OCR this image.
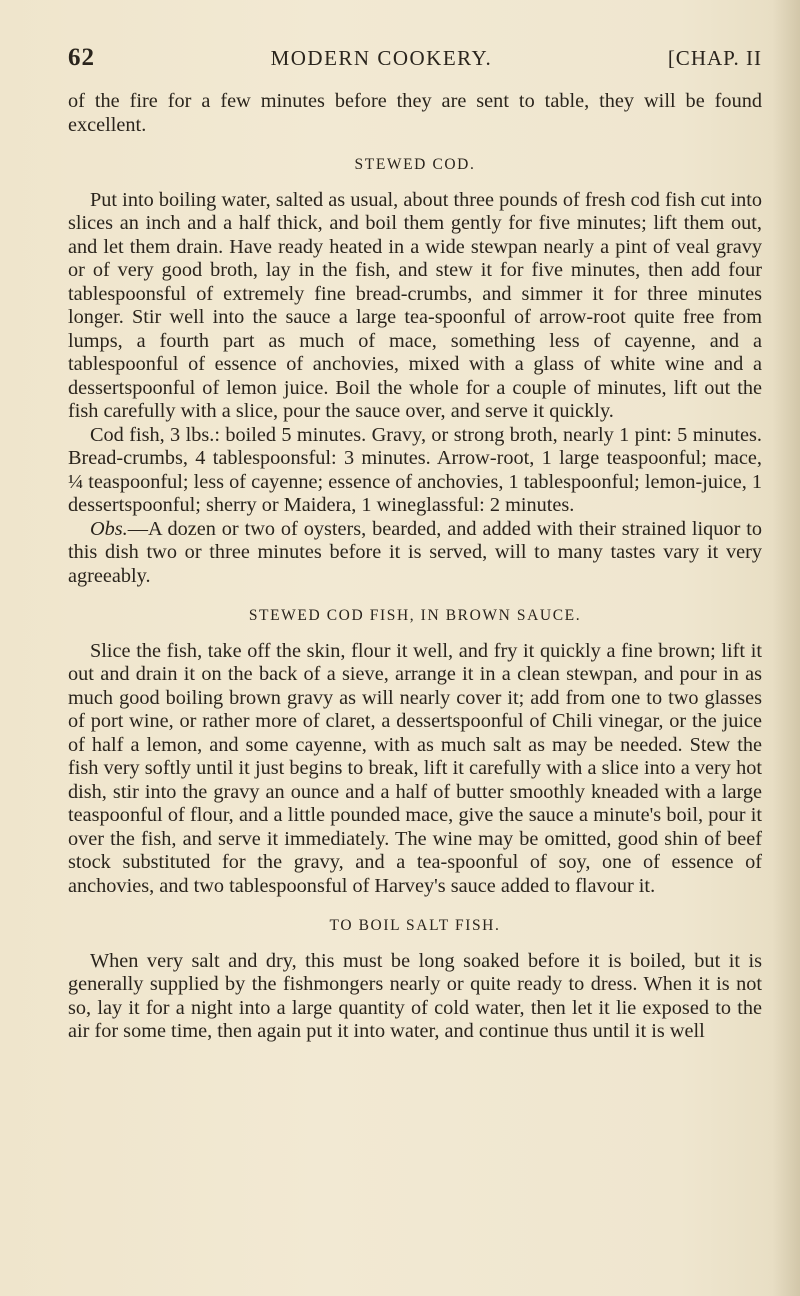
62	MODERN COOKERY.	[CHAP. II

of the fire for a few minutes before they are sent to table, they will be found excellent.

STEWED COD.

Put into boiling water, salted as usual, about three pounds of fresh cod fish cut into slices an inch and a half thick, and boil them gently for five minutes; lift them out, and let them drain. Have ready heated in a wide stewpan nearly a pint of veal gravy or of very good broth, lay in the fish, and stew it for five minutes, then add four tablespoonsful of extremely fine bread-crumbs, and simmer it for three minutes longer. Stir well into the sauce a large tea-spoonful of arrow-root quite free from lumps, a fourth part as much of mace, something less of cayenne, and a tablespoonful of essence of anchovies, mixed with a glass of white wine and a dessertspoonful of lemon juice. Boil the whole for a couple of minutes, lift out the fish carefully with a slice, pour the sauce over, and serve it quickly.

Cod fish, 3 lbs.: boiled 5 minutes. Gravy, or strong broth, nearly 1 pint: 5 minutes. Bread-crumbs, 4 tablespoonsful: 3 minutes. Arrow-root, 1 large teaspoonful; mace, ¼ teaspoonful; less of cayenne; essence of anchovies, 1 tablespoonful; lemon-juice, 1 dessertspoonful; sherry or Maidera, 1 wineglassful: 2 minutes.

Obs.—A dozen or two of oysters, bearded, and added with their strained liquor to this dish two or three minutes before it is served, will to many tastes vary it very agreeably.

STEWED COD FISH, IN BROWN SAUCE.

Slice the fish, take off the skin, flour it well, and fry it quickly a fine brown; lift it out and drain it on the back of a sieve, arrange it in a clean stewpan, and pour in as much good boiling brown gravy as will nearly cover it; add from one to two glasses of port wine, or rather more of claret, a dessertspoonful of Chili vinegar, or the juice of half a lemon, and some cayenne, with as much salt as may be needed. Stew the fish very softly until it just begins to break, lift it carefully with a slice into a very hot dish, stir into the gravy an ounce and a half of butter smoothly kneaded with a large teaspoonful of flour, and a little pounded mace, give the sauce a minute's boil, pour it over the fish, and serve it immediately. The wine may be omitted, good shin of beef stock substituted for the gravy, and a tea-spoonful of soy, one of essence of anchovies, and two tablespoonsful of Harvey's sauce added to flavour it.

TO BOIL SALT FISH.

When very salt and dry, this must be long soaked before it is boiled, but it is generally supplied by the fishmongers nearly or quite ready to dress. When it is not so, lay it for a night into a large quantity of cold water, then let it lie exposed to the air for some time, then again put it into water, and continue thus until it is well
